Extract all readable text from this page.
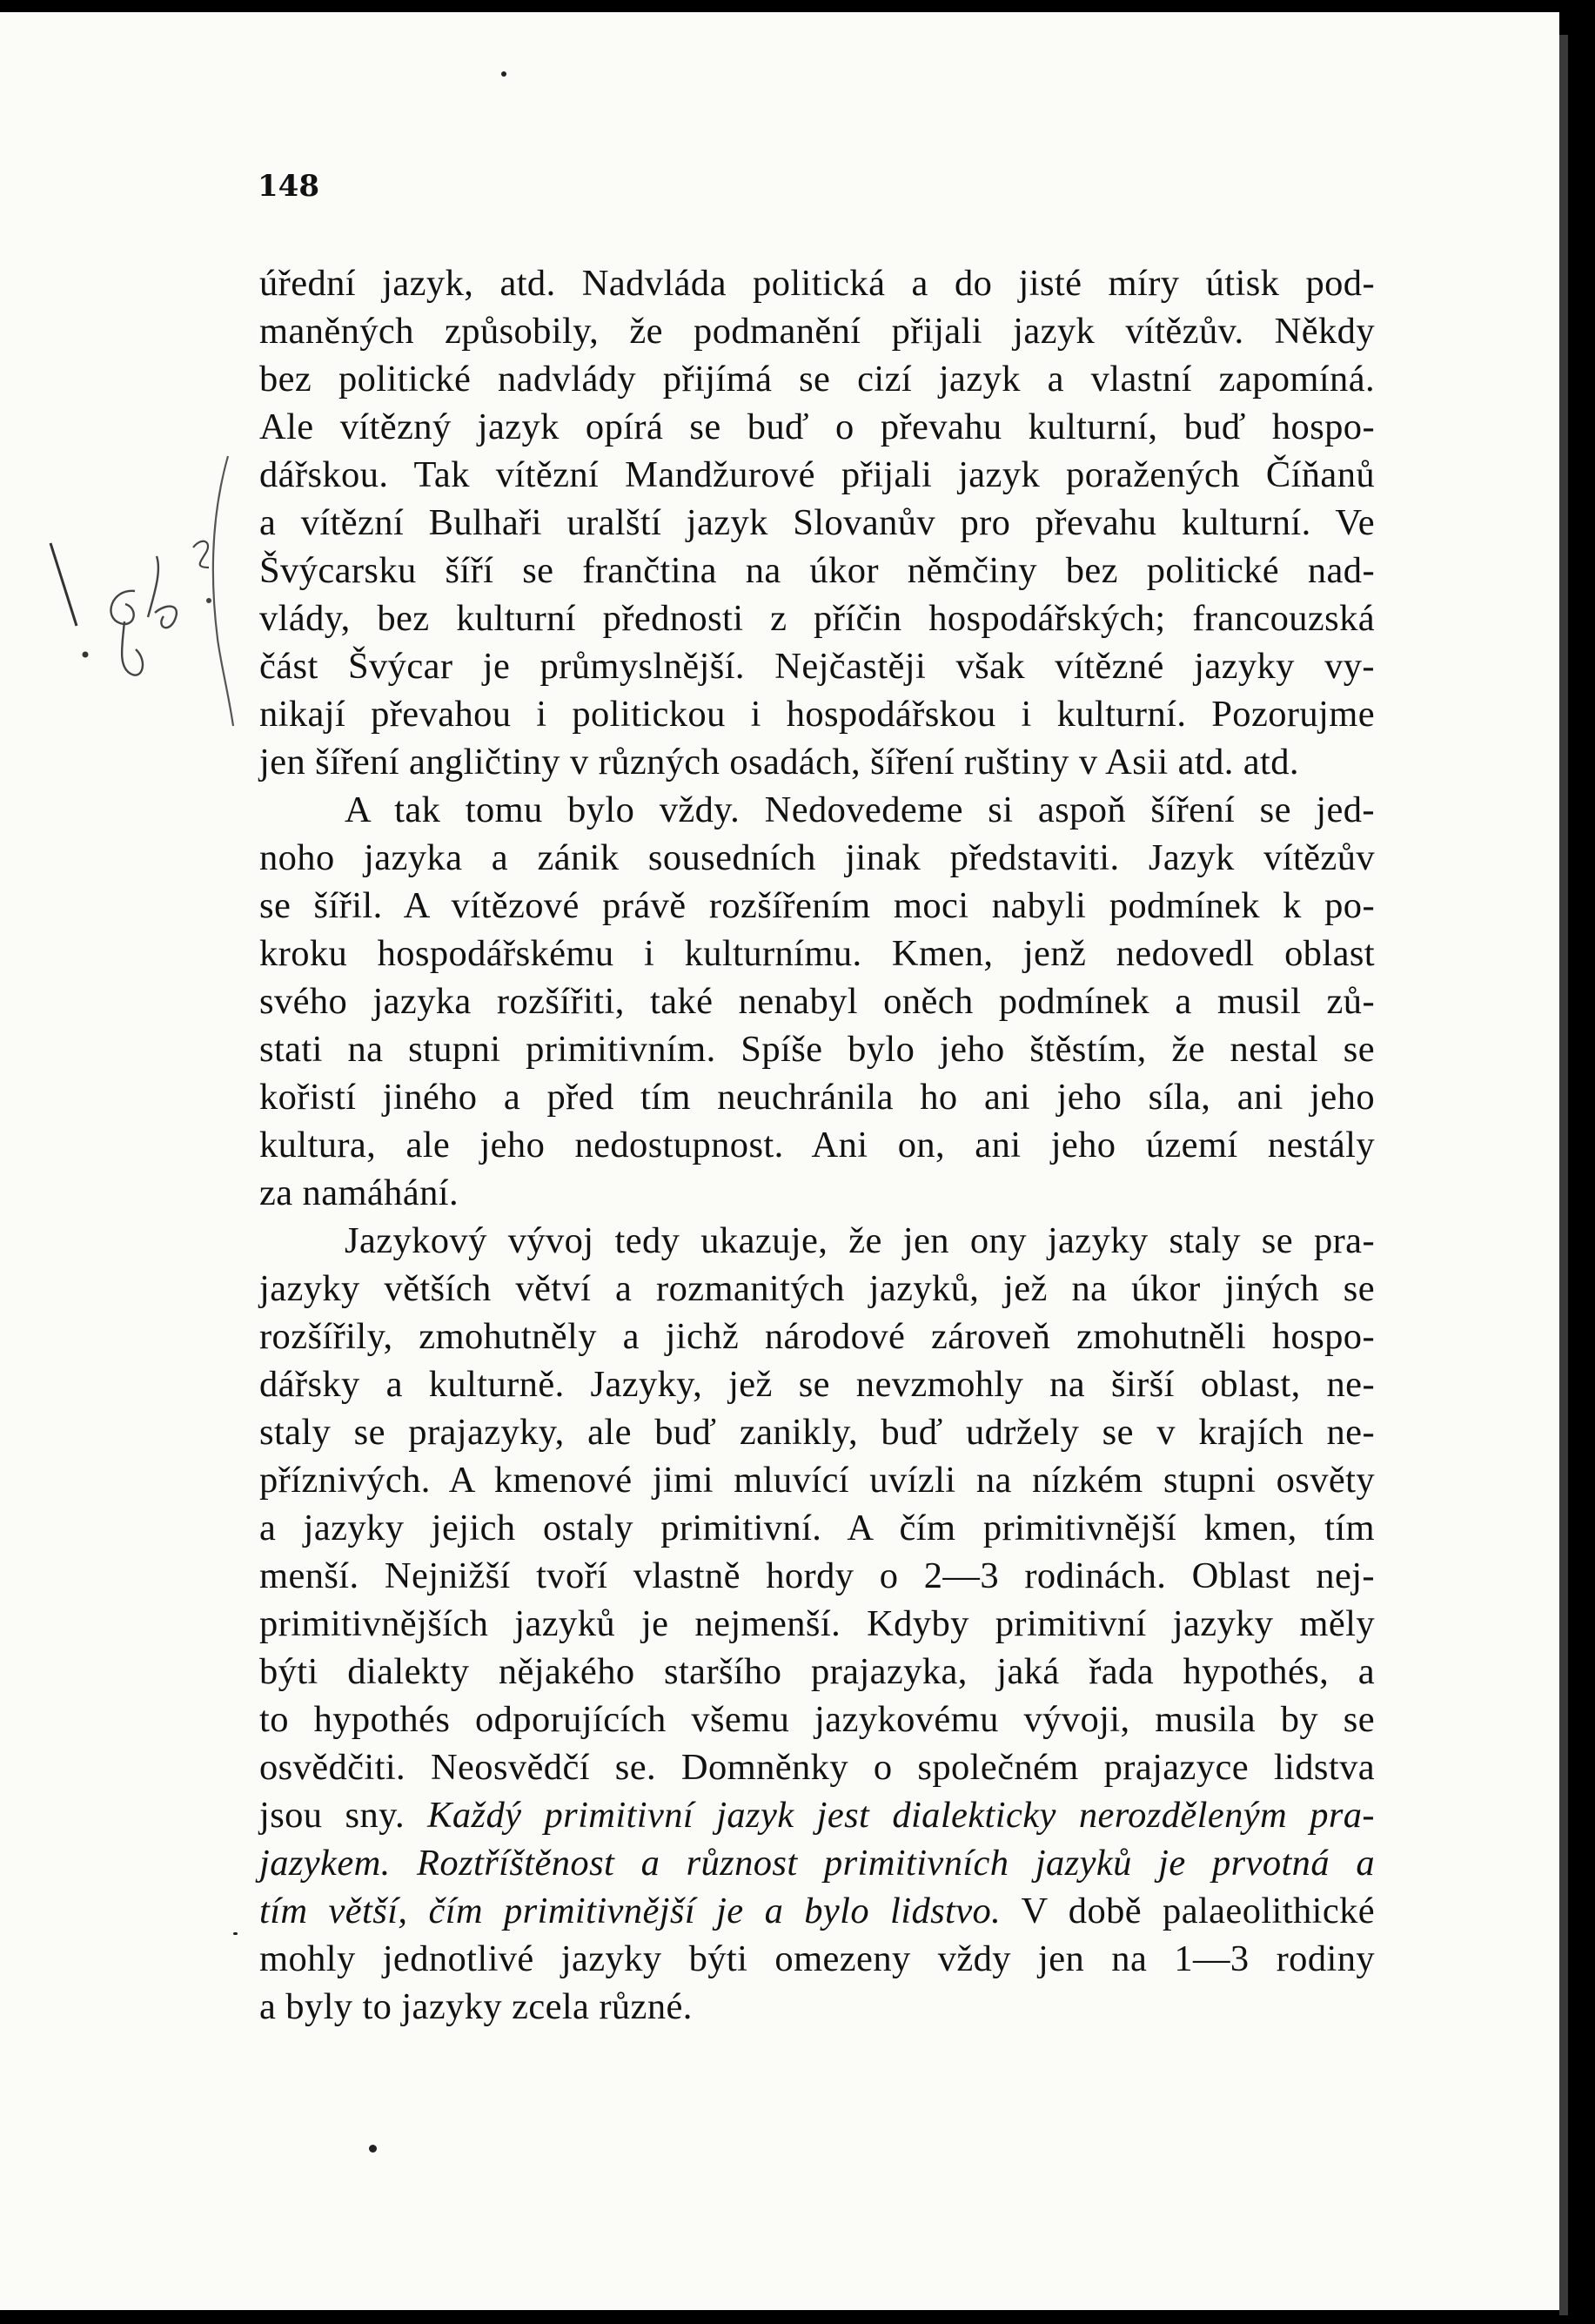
148

úřední jazyk, atd. Nadvláda politická a do jisté míry útisk pod-
maněných způsobily, že podmanění přijali jazyk vítězův. Někdy
bez politické nadvlády přijímá se cizí jazyk a vlastní zapomíná.
Ale vítězný jazyk opírá se buď o převahu kulturní, buď hospo-
dářskou. Tak vítězní Mandžurové přijali jazyk poražených Číňanů
a vítězní Bulhaři uralští jazyk Slovanův pro převahu kulturní. Ve
Švýcarsku šíří se frančtina na úkor němčiny bez politické nad-
vlády, bez kulturní přednosti z příčin hospodářských; francouzská
část Švýcar je průmyslnější. Nejčastěji však vítězné jazyky vy-
nikají převahou i politickou i hospodářskou i kulturní. Pozorujme
jen šíření angličtiny v různých osadách, šíření ruštiny v Asii atd. atd.
A tak tomu bylo vždy. Nedovedeme si aspoň šíření se jed-
noho jazyka a zánik sousedních jinak představiti. Jazyk vítězův
se šířil. A vítězové právě rozšířením moci nabyli podmínek k po-
kroku hospodářskému i kulturnímu. Kmen, jenž nedovedl oblast
svého jazyka rozšířiti, také nenabyl oněch podmínek a musil zů-
stati na stupni primitivním. Spíše bylo jeho štěstím, že nestal se
kořistí jiného a před tím neuchránila ho ani jeho síla, ani jeho
kultura, ale jeho nedostupnost. Ani on, ani jeho území nestály
za namáhání.
Jazykový vývoj tedy ukazuje, že jen ony jazyky staly se pra-
jazyky větších větví a rozmanitých jazyků, jež na úkor jiných se
rozšířily, zmohutněly a jichž národové zároveň zmohutněli hospo-
dářsky a kulturně. Jazyky, jež se nevzmohly na širší oblast, ne-
staly se prajazyky, ale buď zanikly, buď udržely se v krajích ne-
příznivých. A kmenové jimi mluvící uvízli na nízkém stupni osvěty
a jazyky jejich ostaly primitivní. A čím primitivnější kmen, tím
menší. Nejnižší tvoří vlastně hordy o 2—3 rodinách. Oblast nej-
primitivnějších jazyků je nejmenší. Kdyby primitivní jazyky měly
býti dialekty nějakého staršího prajazyka, jaká řada hypothés, a
to hypothés odporujících všemu jazykovému vývoji, musila by se
osvědčiti. Neosvědčí se. Domněnky o společném prajazyce lidstva
jsou sny. Každý primitivní jazyk jest dialekticky nerozděleným pra-
jazykem. Roztříštěnost a různost primitivních jazyků je prvotná a
tím větší, čím primitivnější je a bylo lidstvo. V době palaeolithické
mohly jednotlivé jazyky býti omezeny vždy jen na 1—3 rodiny
a byly to jazyky zcela různé.
